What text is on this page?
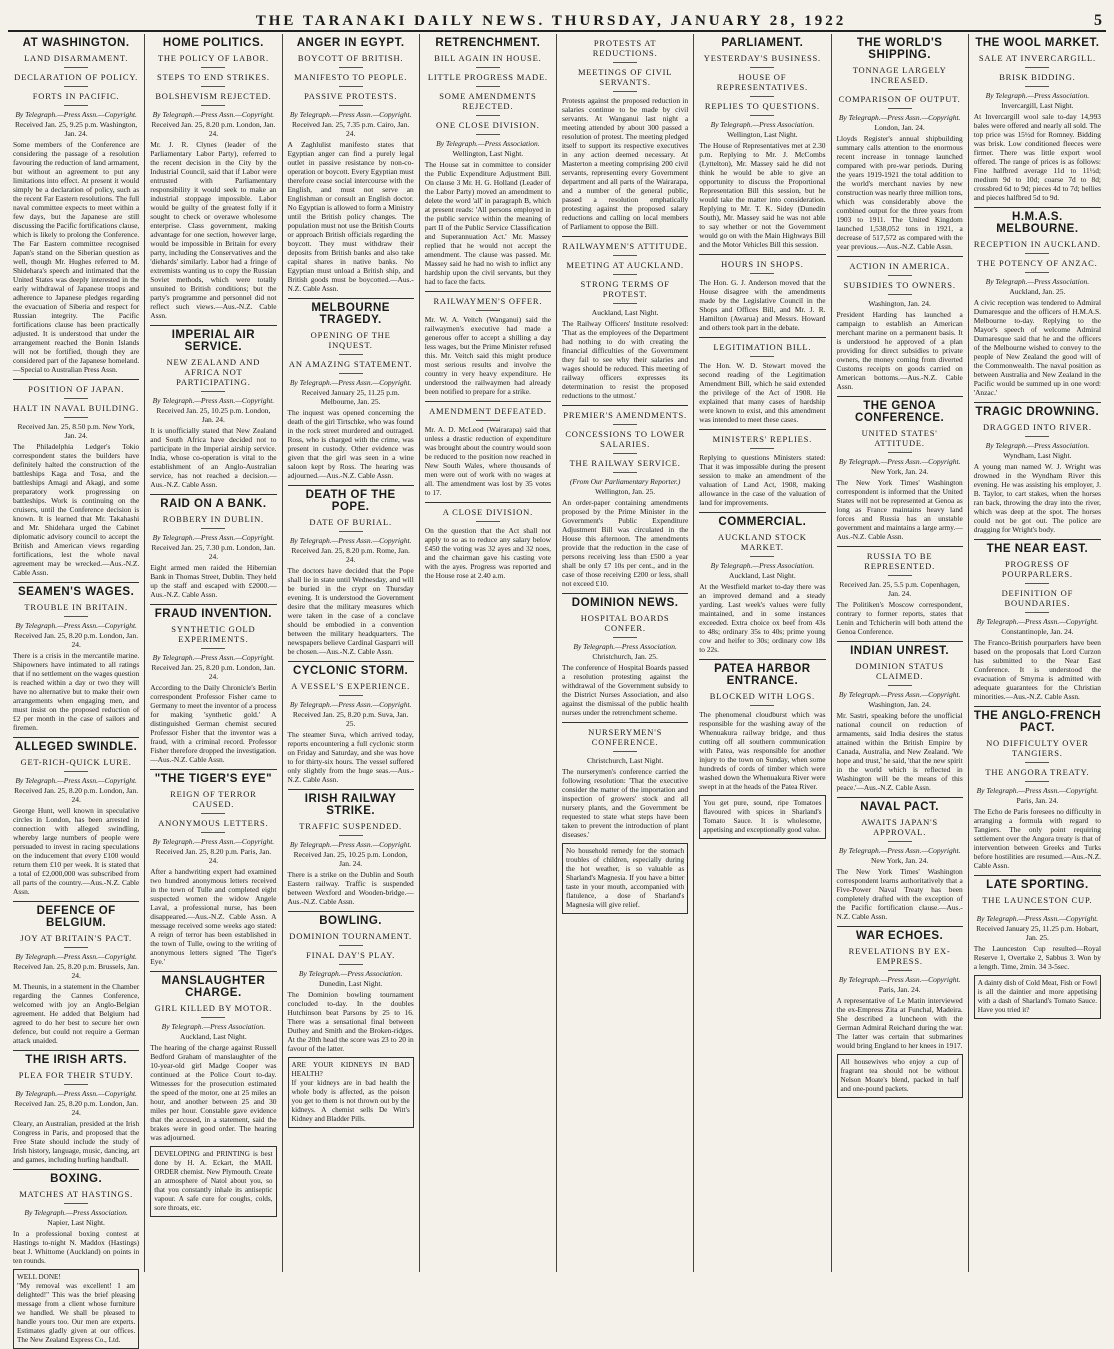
THE TARANAKI DAILY NEWS. THURSDAY, JANUARY 28, 1922	5
AT WASHINGTON.
LAND DISARMAMENT.
DECLARATION OF POLICY.
FORTS IN PACIFIC.
By Telegraph.—Press Assn.—Copyright.
Received Jan. 25, 9.25 p.m. Washington, Jan. 24.

Some members of the Conference are considering the passage of a resolution favouring the reduction of land armament, but without an agreement to put any limitations into effect. At present it would simply be a declaration of policy, such as the recent Far Eastern resolutions. The full naval committee expects to meet within a few days, but the Japanese are still discussing the Pacific fortifications clause, which is likely to prolong the Conference. The Far Eastern committee recognised Japan's stand on the Siberian question as well, though Mr. Hughes referred to M. Shidehara's speech and intimated that the United States was deeply interested in the early withdrawal of Japanese troops and adherence to Japanese pledges regarding the evacuation of Siberia and respect for Russian integrity. The Pacific fortifications clause has been practically adjusted. It is understood that under the arrangement reached the Bonin Islands will not be fortified, though they are considered part of the Japanese homeland.—Special to Australian Press Assn.

POSITION OF JAPAN.
HALT IN NAVAL BUILDING.
Received Jan. 25, 8.50 p.m. New York, Jan. 24.

The Philadelphia Ledger's Tokio correspondent states the builders have definitely halted the construction of the battleships Kaga and Tosa, and the battleships Amagi and Akagi, and some preparatory work progressing on battleships. Work is continuing on the cruisers, until the Conference decision is known. It is learned that Mr. Takahashi and Mr. Shidehara urged the Cabinet diplomatic advisory council to accept the British and American views regarding fortifications, lest the whole naval agreement may be wrecked.—Aus.-N.Z. Cable Assn.

SEAMEN'S WAGES.
TROUBLE IN BRITAIN.
By Telegraph.—Press Assn.—Copyright.
Received Jan. 25, 8.20 p.m. London, Jan. 24.

There is a crisis in the mercantile marine. Shipowners have intimated to all ratings that if no settlement on the wages question is reached within a day or two they will have no alternative but to make their own arrangements when engaging men, and must insist on the proposed reduction of £2 per month in the case of sailors and firemen.

ALLEGED SWINDLE.
GET-RICH-QUICK LURE.
By Telegraph.—Press Assn.—Copyright.
Received Jan. 25, 8.20 p.m. London, Jan. 24.

George Hunt, well known in speculative circles in London, has been arrested in connection with alleged swindling, whereby large numbers of people were persuaded to invest in racing speculations on the inducement that every £100 would return them £10 per week. It is stated that a total of £2,000,000 was subscribed from all parts of the country.—Aus.-N.Z. Cable Assn.

DEFENCE OF BELGIUM.
JOY AT BRITAIN'S PACT.
By Telegraph.—Press Assn.—Copyright.
Received Jan. 25, 8.20 p.m. Brussels, Jan. 24.

M. Theunis, in a statement in the Chamber regarding the Cannes Conference, welcomed with joy an Anglo-Belgian agreement. He added that Belgium had agreed to do her best to secure her own defence, but could not require a German attack unaided.

THE IRISH ARTS.
PLEA FOR THEIR STUDY.
By Telegraph.—Press Assn.—Copyright.
Received Jan. 25, 8.20 p.m. London, Jan. 24.

Cleary, an Australian, presided at the Irish Congress in Paris, and proposed that the Free State should include the study of Irish history, language, music, dancing, art and games, including hurling handball.

BOXING.
MATCHES AT HASTINGS.
By Telegraph.—Press Association.
Napier, Last Night.

In a professional boxing contest at Hastings to-night N. Maddox (Hastings) beat J. Whittome (Auckland) on points in ten rounds.

WELL DONE!
"My removal was excellent! I am delighted!" This was the brief pleasing message from a client whose furniture we handled. We shall be pleased to handle yours too. Our men are experts. Estimates gladly given at our offices. The New Zealand Express Co., Ltd.
HOME POLITICS.
THE POLICY OF LABOR.
STEPS TO END STRIKES.
BOLSHEVISM REJECTED.
By Telegraph.—Press Assn.—Copyright.
Received Jan. 25, 8.20 p.m. London, Jan. 24.

Mr. J. R. Clynes (leader of the Parliamentary Labor Party), referred to the recent decision in the City by the Industrial Council, said that if Labor were entrusted with Parliamentary responsibility it would seek to make an industrial stoppage impossible. Labor would be guilty of the greatest folly if it sought to check or overawe wholesome enterprise. Class government, making advantage for one section, however large, would be impossible in Britain for every party, including the Conservatives and the 'diehards' similarly. Labor had a fringe of extremists wanting us to copy the Russian Soviet methods, which were totally unsuited to British conditions; but the party's programme and personnel did not reflect such views.—Aus.-N.Z. Cable Assn.

IMPERIAL AIR SERVICE.
NEW ZEALAND AND AFRICA NOT PARTICIPATING.
By Telegraph.—Press Assn.—Copyright.
Received Jan. 25, 10.25 p.m. London, Jan. 24.

It is unofficially stated that New Zealand and South Africa have decided not to participate in the Imperial airship service. India, whose co-operation is vital to the establishment of an Anglo-Australian service, has not reached a decision.—Aus.-N.Z. Cable Assn.

RAID ON A BANK.
ROBBERY IN DUBLIN.
By Telegraph.—Press Assn.—Copyright.
Received Jan. 25, 7.30 p.m. London, Jan. 24.

Eight armed men raided the Hibernian Bank in Thomas Street, Dublin. They held up the staff and escaped with £2000.—Aus.-N.Z. Cable Assn.

FRAUD INVENTION.
SYNTHETIC GOLD EXPERIMENTS.
By Telegraph.—Press Assn.—Copyright.
Received Jan. 25, 8.20 p.m. London, Jan. 24.

According to the Daily Chronicle's Berlin correspondent Professor Fisher came to Germany to meet the inventor of a process for making 'synthetic gold.' A distinguished German chemist secured Professor Fisher that the inventor was a fraud, with a criminal record. Professor Fisher therefore dropped the investigation.—Aus.-N.Z. Cable Assn.

"THE TIGER'S EYE"
REIGN OF TERROR CAUSED.
ANONYMOUS LETTERS.
By Telegraph.—Press Assn.—Copyright.
Received Jan. 25, 8.20 p.m. Paris, Jan. 24.

After a handwriting expert had examined two hundred anonymous letters received in the town of Tulle and completed eight suspected women the widow Angele Laval, a professional nurse, has been disappeared.—Aus.-N.Z. Cable Assn. A message received some weeks ago stated: A reign of terror has been established in the town of Tulle, owing to the writing of anonymous letters signed 'The Tiger's Eye.'

MANSLAUGHTER CHARGE.
GIRL KILLED BY MOTOR.
By Telegraph.—Press Association.
Auckland, Last Night.

The hearing of the charge against Russell Bedford Graham of manslaughter of the 10-year-old girl Madge Cooper was continued at the Police Court to-day. Witnesses for the prosecution estimated the speed of the motor, one at 25 miles an hour, and another between 25 and 30 miles per hour. Constable gave evidence that the accused, in a statement, said the brakes were in good order. The hearing was adjourned.

DEVELOPING and PRINTING is best done by H. A. Eckart, the MAIL ORDER chemist. New Plymouth. Create an atmosphere of Natol about you, so that you constantly inhale its antiseptic vapour. A safe cure for coughs, colds, sore throats, etc.
ANGER IN EGYPT.
BOYCOTT OF BRITISH.
MANIFESTO TO PEOPLE.
PASSIVE PROTESTS.
By Telegraph.—Press Assn.—Copyright.
Received Jan. 25, 7.35 p.m. Cairo, Jan. 24.

A Zaghlulist manifesto states that Egyptian anger can find a purely legal outlet in passive resistance by non-co-operation or boycott. Every Egyptian must therefore cease social intercourse with the English, and must not serve an Englishman or consult an English doctor. No Egyptian is allowed to form a Ministry until the British policy changes. The population must not use the British Courts or approach British officials regarding the boycott. They must withdraw their deposits from British banks and also take capital shares in native banks. No Egyptian must unload a British ship, and British goods must be boycotted.—Aus.-N.Z. Cable Assn.

MELBOURNE TRAGEDY.
OPENING OF THE INQUEST.
AN AMAZING STATEMENT.
By Telegraph.—Press Assn.—Copyright.
Received January 25, 11.25 p.m. Melbourne, Jan. 25.

The inquest was opened concerning the death of the girl Tirtschke, who was found in the rock street murdered and outraged. Ross, who is charged with the crime, was present in custody. Other evidence was given that the girl was seen in a wine saloon kept by Ross. The hearing was adjourned.—Aus.-N.Z. Cable Assn.

DEATH OF THE POPE.
DATE OF BURIAL.
By Telegraph.—Press Assn.—Copyright.
Received Jan. 25, 8.20 p.m. Rome, Jan. 24.

The doctors have decided that the Pope shall lie in state until Wednesday, and will be buried in the crypt on Thursday evening. It is understood the Government desire that the military measures which were taken in the case of a conclave should be embodied in a convention between the military headquarters. The newspapers believe Cardinal Gasparri will be chosen.—Aus.-N.Z. Cable Assn.

CYCLONIC STORM.
A VESSEL'S EXPERIENCE.
By Telegraph.—Press Assn.—Copyright.
Received Jan. 25, 8.20 p.m. Suva, Jan. 25.

The steamer Suva, which arrived today, reports encountering a full cyclonic storm on Friday and Saturday, and she was hove to for thirty-six hours. The vessel suffered only slightly from the huge seas.—Aus.-N.Z. Cable Assn.

IRISH RAILWAY STRIKE.
TRAFFIC SUSPENDED.
By Telegraph.—Press Assn.—Copyright.
Received Jan. 25, 10.25 p.m. London, Jan. 24.

There is a strike on the Dublin and South Eastern railway. Traffic is suspended between Wexford and Wooden-bridge.—Aus.-N.Z. Cable Assn.

BOWLING.
DOMINION TOURNAMENT.
FINAL DAY'S PLAY.
By Telegraph.—Press Association.
Dunedin, Last Night.

The Dominion bowling tournament concluded to-day. In the doubles Hutchinson beat Parsons by 25 to 16. There was a sensational final between Duthey and Smith and the Broken-ridges. At the 20th head the score was 23 to 20 in favour of the latter.

ARE YOUR KIDNEYS IN BAD HEALTH?
If your kidneys are in bad health the whole body is affected, as the poison you get to them is not thrown out by the kidneys. A chemist sells De Witt's Kidney and Bladder Pills.
RETRENCHMENT.
BILL AGAIN IN HOUSE.
LITTLE PROGRESS MADE.
SOME AMENDMENTS REJECTED.
ONE CLOSE DIVISION.
By Telegraph.—Press Association.
Wellington, Last Night.

The House sat in committee to consider the Public Expenditure Adjustment Bill. On clause 3 Mr. H. G. Holland (Leader of the Labor Party) moved an amendment to delete the word 'all' in paragraph B, which at present reads: 'All persons employed in the public service within the meaning of part II of the Public Service Classification and Superannuation Act.' Mr. Massey replied that he would not accept the amendment. The clause was passed. Mr. Massey said he had no wish to inflict any hardship upon the civil servants, but they had to face the facts.

RAILWAYMEN'S OFFER.

Mr. W. A. Veitch (Wanganui) said the railwaymen's executive had made a generous offer to accept a shilling a day less wages, but the Prime Minister refused this. Mr. Veitch said this might produce most serious results and involve the country in very heavy expenditure. He understood the railwaymen had already been notified to prepare for a strike.

AMENDMENT DEFEATED.

Mr. A. D. McLeod (Wairarapa) said that unless a drastic reduction of expenditure was brought about the country would soon be reduced to the position now reached in New South Wales, where thousands of men were out of work with no wages at all. The amendment was lost by 35 votes to 17.

A CLOSE DIVISION.

On the question that the Act shall not apply to so as to reduce any salary below £450 the voting was 32 ayes and 32 noes, and the chairman gave his casting vote with the ayes. Progress was reported and the House rose at 2.40 a.m.

PROTESTS AT REDUCTIONS.
MEETINGS OF CIVIL SERVANTS.

Protests against the proposed reduction in salaries continue to be made by civil servants. At Wanganui last night a meeting attended by about 300 passed a resolution of protest. The meeting pledged itself to support its respective executives in any action deemed necessary. At Masterton a meeting comprising 200 civil servants, representing every Government department and all parts of the Wairarapa, and a number of the general public, passed a resolution emphatically protesting against the proposed salary reductions and calling on local members of Parliament to oppose the Bill.

RAILWAYMEN'S ATTITUDE.
MEETING AT AUCKLAND.
STRONG TERMS OF PROTEST.
Auckland, Last Night.

The Railway Officers' Institute resolved: 'That as the employees of the Department had nothing to do with creating the financial difficulties of the Government they fail to see why their salaries and wages should be reduced. This meeting of railway officers expresses its determination to resist the proposed reductions to the utmost.'

PREMIER'S AMENDMENTS.
CONCESSIONS TO LOWER SALARIES.
THE RAILWAY SERVICE.
(From Our Parliamentary Reporter.)
Wellington, Jan. 25.

An order-paper containing amendments proposed by the Prime Minister in the Government's Public Expenditure Adjustment Bill was circulated in the House this afternoon. The amendments provide that the reduction in the case of persons receiving less than £500 a year shall be only £7 10s per cent., and in the case of those receiving £200 or less, shall not exceed £10.

DOMINION NEWS.
HOSPITAL BOARDS CONFER.
By Telegraph.—Press Association.
Christchurch, Jan. 25.

The conference of Hospital Boards passed a resolution protesting against the withdrawal of the Government subsidy to the District Nurses Association, and also against the dismissal of the public health nurses under the retrenchment scheme.

NURSERYMEN'S CONFERENCE.
Christchurch, Last Night.

The nurserymen's conference carried the following resolution: 'That the executive consider the matter of the importation and inspection of growers' stock and all nursery plants, and the Government be requested to state what steps have been taken to prevent the introduction of plant diseases.'

No household remedy for the stomach troubles of children, especially during the hot weather, is so valuable as Sharland's Magnesia. If you have a bitter taste in your mouth, accompanied with flatulence, a dose of Sharland's Magnesia will give relief.
PARLIAMENT.
YESTERDAY'S BUSINESS.
HOUSE OF REPRESENTATIVES.
REPLIES TO QUESTIONS.
By Telegraph.—Press Association.
Wellington, Last Night.

The House of Representatives met at 2.30 p.m. Replying to Mr. J. McCombs (Lyttelton), Mr. Massey said he did not think he would be able to give an opportunity to discuss the Proportional Representation Bill this session, but he would take the matter into consideration. Replying to Mr. T. K. Sidey (Dunedin South), Mr. Massey said he was not able to say whether or not the Government would go on with the Main Highways Bill and the Motor Vehicles Bill this session.

HOURS IN SHOPS.

The Hon. G. J. Anderson moved that the House disagree with the amendments made by the Legislative Council in the Shops and Offices Bill, and Mr. J. R. Hamilton (Awarua) and Messrs. Howard and others took part in the debate.

LEGITIMATION BILL.

The Hon. W. D. Stewart moved the second reading of the Legitimation Amendment Bill, which he said extended the privilege of the Act of 1908. He explained that many cases of hardship were known to exist, and this amendment was intended to meet these cases.

MINISTERS' REPLIES.

Replying to questions Ministers stated: That it was impossible during the present session to make an amendment of the valuation of Land Act, 1908, making allowance in the case of the valuation of land for improvements.

COMMERCIAL.
AUCKLAND STOCK MARKET.
By Telegraph.—Press Association.
Auckland, Last Night.

At the Westfield market to-day there was an improved demand and a steady yarding. Last week's values were fully maintained, and in some instances exceeded. Extra choice ox beef from 43s to 48s; ordinary 35s to 40s; prime young cow and heifer to 30s; ordinary cow 18s to 22s.

PATEA HARBOR ENTRANCE.
BLOCKED WITH LOGS.

The phenomenal cloudburst which was responsible for the washing away of the Whenuakura railway bridge, and thus cutting off all southern communication with Patea, was responsible for another injury to the town on Sunday, when some hundreds of cords of timber which were washed down the Whenuakura River were swept in at the heads of the Patea River.

You get pure, sound, ripe Tomatoes flavoured with spices in Sharland's Tomato Sauce. It is wholesome, appetising and exceptionally good value.
THE WORLD'S SHIPPING.
TONNAGE LARGELY INCREASED.
COMPARISON OF OUTPUT.
By Telegraph.—Press Assn.—Copyright.
London, Jan. 24.

Lloyds Register's annual shipbuilding summary calls attention to the enormous recent increase in tonnage launched compared with pre-war periods. During the years 1919-1921 the total addition to the world's merchant navies by new construction was nearly three million tons, which was considerably above the combined output for the three years from 1903 to 1911. The United Kingdom launched 1,538,052 tons in 1921, a decrease of 517,572 as compared with the year previous.—Aus.-N.Z. Cable Assn.

ACTION IN AMERICA.
SUBSIDIES TO OWNERS.
Washington, Jan. 24.

President Harding has launched a campaign to establish an American merchant marine on a permanent basis. It is understood he approved of a plan providing for direct subsidies to private owners, the money coming from diverted Customs receipts on goods carried on American bottoms.—Aus.-N.Z. Cable Assn.

THE GENOA CONFERENCE.
UNITED STATES' ATTITUDE.
By Telegraph.—Press Assn.—Copyright.
New York, Jan. 24.

The New York Times' Washington correspondent is informed that the United States will not be represented at Genoa as long as France maintains heavy land forces and Russia has an unstable government and maintains a large army.—Aus.-N.Z. Cable Assn.

RUSSIA TO BE REPRESENTED.
Received Jan. 25, 5.5 p.m. Copenhagen, Jan. 24.

The Politiken's Moscow correspondent, contrary to former reports, states that Lenin and Tchicherin will both attend the Genoa Conference.

INDIAN UNREST.
DOMINION STATUS CLAIMED.
By Telegraph.—Press Assn.—Copyright.
Washington, Jan. 24.

Mr. Sastri, speaking before the unofficial national council on reduction of armaments, said India desires the status attained within the British Empire by Canada, Australia, and New Zealand. 'We hope and trust,' he said, 'that the new spirit in the world which is reflected in Washington will be the means of this peace.'—Aus.-N.Z. Cable Assn.

NAVAL PACT.
AWAITS JAPAN'S APPROVAL.
By Telegraph.—Press Assn.—Copyright.
New York, Jan. 24.

The New York Times' Washington correspondent learns authoritatively that a Five-Power Naval Treaty has been completely drafted with the exception of the Pacific fortification clause.—Aus.-N.Z. Cable Assn.

WAR ECHOES.
REVELATIONS BY EX-EMPRESS.
By Telegraph.—Press Assn.—Copyright.
Paris, Jan. 24.

A representative of Le Matin interviewed the ex-Empress Zita at Funchal, Madeira. She described a luncheon with the German Admiral Reichard during the war. The latter was certain that submarines would bring England to her knees in 1917.

All housewives who enjoy a cup of fragrant tea should not be without Nelson Moate's blend, packed in half and one-pound packets.
THE WOOL MARKET.
SALE AT INVERCARGILL.
BRISK BIDDING.
By Telegraph.—Press Association.
Invercargill, Last Night.

At Invercargill wool sale to-day 14,993 bales were offered and nearly all sold. The top price was 15½d for Romney. Bidding was brisk. Low conditioned fleeces were firmer. There was little export wool offered. The range of prices is as follows: Fine halfbred average 11d to 11½d; medium 9d to 10d; coarse 7d to 8d; crossbred 6d to 9d; pieces 4d to 7d; bellies and pieces halfbred 5d to 9d.

H.M.A.S. MELBOURNE.
RECEPTION IN AUCKLAND.
THE POTENCY OF ANZAC.
By Telegraph.—Press Association.
Auckland, Jan. 25.

A civic reception was tendered to Admiral Dumaresque and the officers of H.M.A.S. Melbourne to-day. Replying to the Mayor's speech of welcome Admiral Dumaresque said that he and the officers of the Melbourne wished to convey to the people of New Zealand the good will of the Commonwealth. The naval position as between Australia and New Zealand in the Pacific would be summed up in one word: 'Anzac.'

TRAGIC DROWNING.
DRAGGED INTO RIVER.
By Telegraph.—Press Association.
Wyndham, Last Night.

A young man named W. J. Wright was drowned in the Wyndham River this evening. He was assisting his employer, J. B. Taylor, to cart stakes, when the horses ran back, throwing the dray into the river, which was deep at the spot. The horses could not be got out. The police are dragging for Wright's body.

THE NEAR EAST.
PROGRESS OF POURPARLERS.
DEFINITION OF BOUNDARIES.
By Telegraph.—Press Assn.—Copyright.
Constantinople, Jan. 24.

The Franco-British pourparlers have been based on the proposals that Lord Curzon has submitted to the Near East Conference. It is understood the evacuation of Smyrna is admitted with adequate guarantees for the Christian minorities.—Aus.-N.Z. Cable Assn.

THE ANGLO-FRENCH PACT.
NO DIFFICULTY OVER TANGIERS.
THE ANGORA TREATY.
By Telegraph.—Press Assn.—Copyright.
Paris, Jan. 24.

The Echo de Paris foresees no difficulty in arranging a formula with regard to Tangiers. The only point requiring settlement over the Angora treaty is that of intervention between Greeks and Turks before hostilities are resumed.—Aus.-N.Z. Cable Assn.

LATE SPORTING.
THE LAUNCESTON CUP.
By Telegraph.—Press Assn.—Copyright.
Received January 25, 11.25 p.m. Hobart, Jan. 25.

The Launceston Cup resulted—Royal Reserve 1, Overtake 2, Sabbus 3. Won by a length. Time, 2min. 34 3-5sec.

A dainty dish of Cold Meat, Fish or Fowl is all the daintier and more appetising with a dash of Sharland's Tomato Sauce. Have you tried it?
